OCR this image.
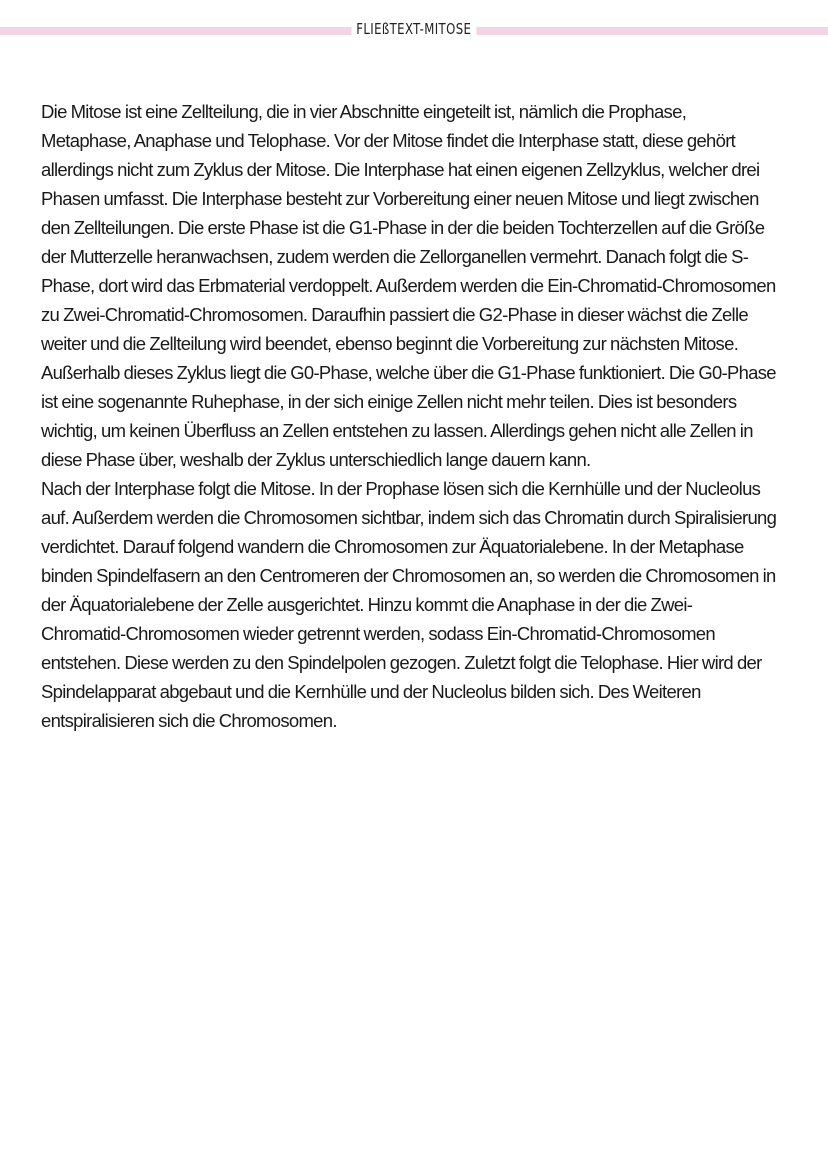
FLIEßTEXT-MITOSE
Die Mitose ist eine Zellteilung, die in vier Abschnitte eingeteilt ist, nämlich die Prophase,
Metaphase, Anaphase und Telophase. Vor der Mitose findet die Interphase statt, diese gehört
allerdings nicht zum Zyklus der Mitose. Die Interphase hat einen eigenen Zellzyklus, welcher drei
Phasen umfasst. Die Interphase besteht zur Vorbereitung einer neuen Mitose und liegt zwischen
den Zellteilungen. Die erste Phase ist die G1-Phase in der die beiden Tochterzellen auf die Größe
der Mutterzelle heranwachsen, zudem werden die Zellorganellen vermehrt. Danach folgt die S-
Phase, dort wird das Erbmaterial verdoppelt. Außerdem werden die Ein-Chromatid-Chromosomen
zu Zwei-Chromatid-Chromosomen. Daraufhin passiert die G2-Phase in dieser wächst die Zelle
weiter und die Zellteilung wird beendet, ebenso beginnt die Vorbereitung zur nächsten Mitose.
Außerhalb dieses Zyklus liegt die G0-Phase, welche über die G1-Phase funktioniert. Die G0-Phase
ist eine sogenannte Ruhephase, in der sich einige Zellen nicht mehr teilen. Dies ist besonders
wichtig, um keinen Überfluss an Zellen entstehen zu lassen. Allerdings gehen nicht alle Zellen in
diese Phase über, weshalb der Zyklus unterschiedlich lange dauern kann.
Nach der Interphase folgt die Mitose. In der Prophase lösen sich die Kernhülle und der Nucleolus
auf. Außerdem werden die Chromosomen sichtbar, indem sich das Chromatin durch Spiralisierung
verdichtet. Darauf folgend wandern die Chromosomen zur Äquatorialebene. In der Metaphase
binden Spindelfasern an den Centromeren der Chromosomen an, so werden die Chromosomen in
der Äquatorialebene der Zelle ausgerichtet. Hinzu kommt die Anaphase in der die Zwei-
Chromatid-Chromosomen wieder getrennt werden, sodass Ein-Chromatid-Chromosomen
entstehen. Diese werden zu den Spindelpolen gezogen. Zuletzt folgt die Telophase. Hier wird der
Spindelapparat abgebaut und die Kernhülle und der Nucleolus bilden sich. Des Weiteren
entspiralisieren sich die Chromosomen.
